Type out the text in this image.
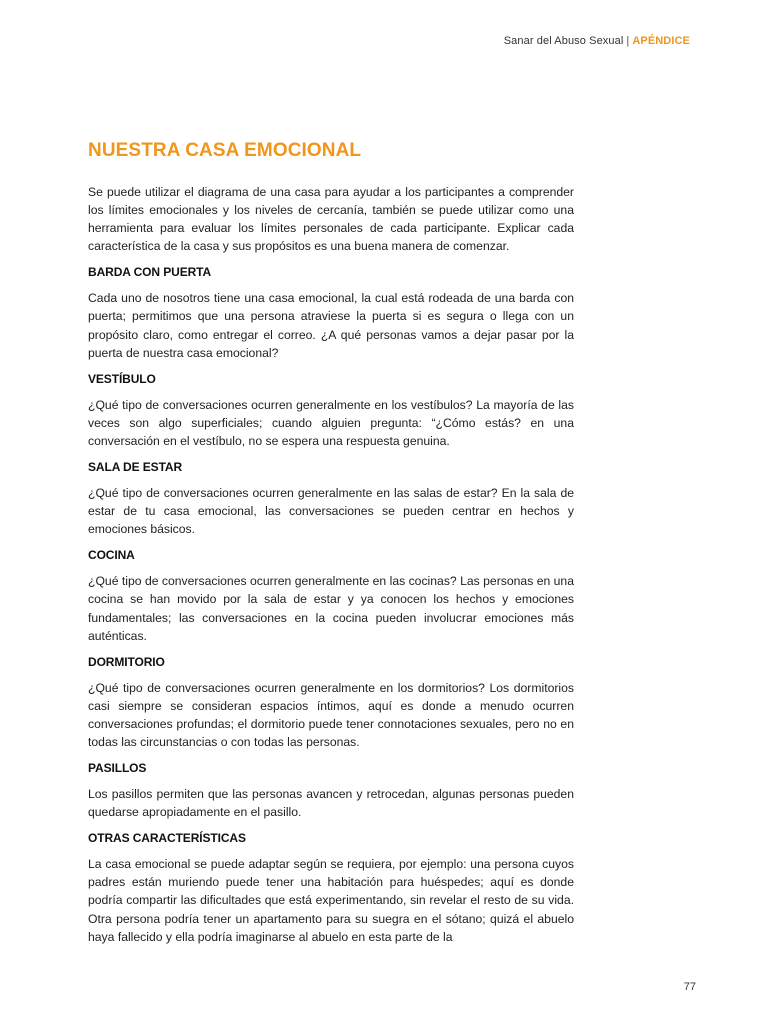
Sanar del Abuso Sexual | APÉNDICE
NUESTRA CASA EMOCIONAL

Se puede utilizar el diagrama de una casa para ayudar a los participantes a comprender los límites emocionales y los niveles de cercanía, también se puede utilizar como una herramienta para evaluar los límites personales de cada participante. Explicar cada característica de la casa y sus propósitos es una buena manera de comenzar.

BARDA CON PUERTA

Cada uno de nosotros tiene una casa emocional, la cual está rodeada de una barda con puerta; permitimos que una persona atraviese la puerta si es segura o llega con un propósito claro, como entregar el correo. ¿A qué personas vamos a dejar pasar por la puerta de nuestra casa emocional?

VESTÍBULO

¿Qué tipo de conversaciones ocurren generalmente en los vestíbulos? La mayoría de las veces son algo superficiales; cuando alguien pregunta: “¿Cómo estás? en una conversación en el vestíbulo, no se espera una respuesta genuina.

SALA DE ESTAR

¿Qué tipo de conversaciones ocurren generalmente en las salas de estar? En la sala de estar de tu casa emocional, las conversaciones se pueden centrar en hechos y emociones básicos.

COCINA

¿Qué tipo de conversaciones ocurren generalmente en las cocinas? Las personas en una cocina se han movido por la sala de estar y ya conocen los hechos y emociones fundamentales; las conversaciones en la cocina pueden involucrar emociones más auténticas.

DORMITORIO

¿Qué tipo de conversaciones ocurren generalmente en los dormitorios? Los dormitorios casi siempre se consideran espacios íntimos, aquí es donde a menudo ocurren conversaciones profundas; el dormitorio puede tener connotaciones sexuales, pero no en todas las circunstancias o con todas las personas.

PASILLOS

Los pasillos permiten que las personas avancen y retrocedan, algunas personas pueden quedarse apropiadamente en el pasillo.

OTRAS CARACTERÍSTICAS

La casa emocional se puede adaptar según se requiera, por ejemplo: una persona cuyos padres están muriendo puede tener una habitación para huéspedes; aquí es donde podría compartir las dificultades que está experimentando, sin revelar el resto de su vida. Otra persona podría tener un apartamento para su suegra en el sótano; quizá el abuelo haya fallecido y ella podría imaginarse al abuelo en esta parte de la

77
